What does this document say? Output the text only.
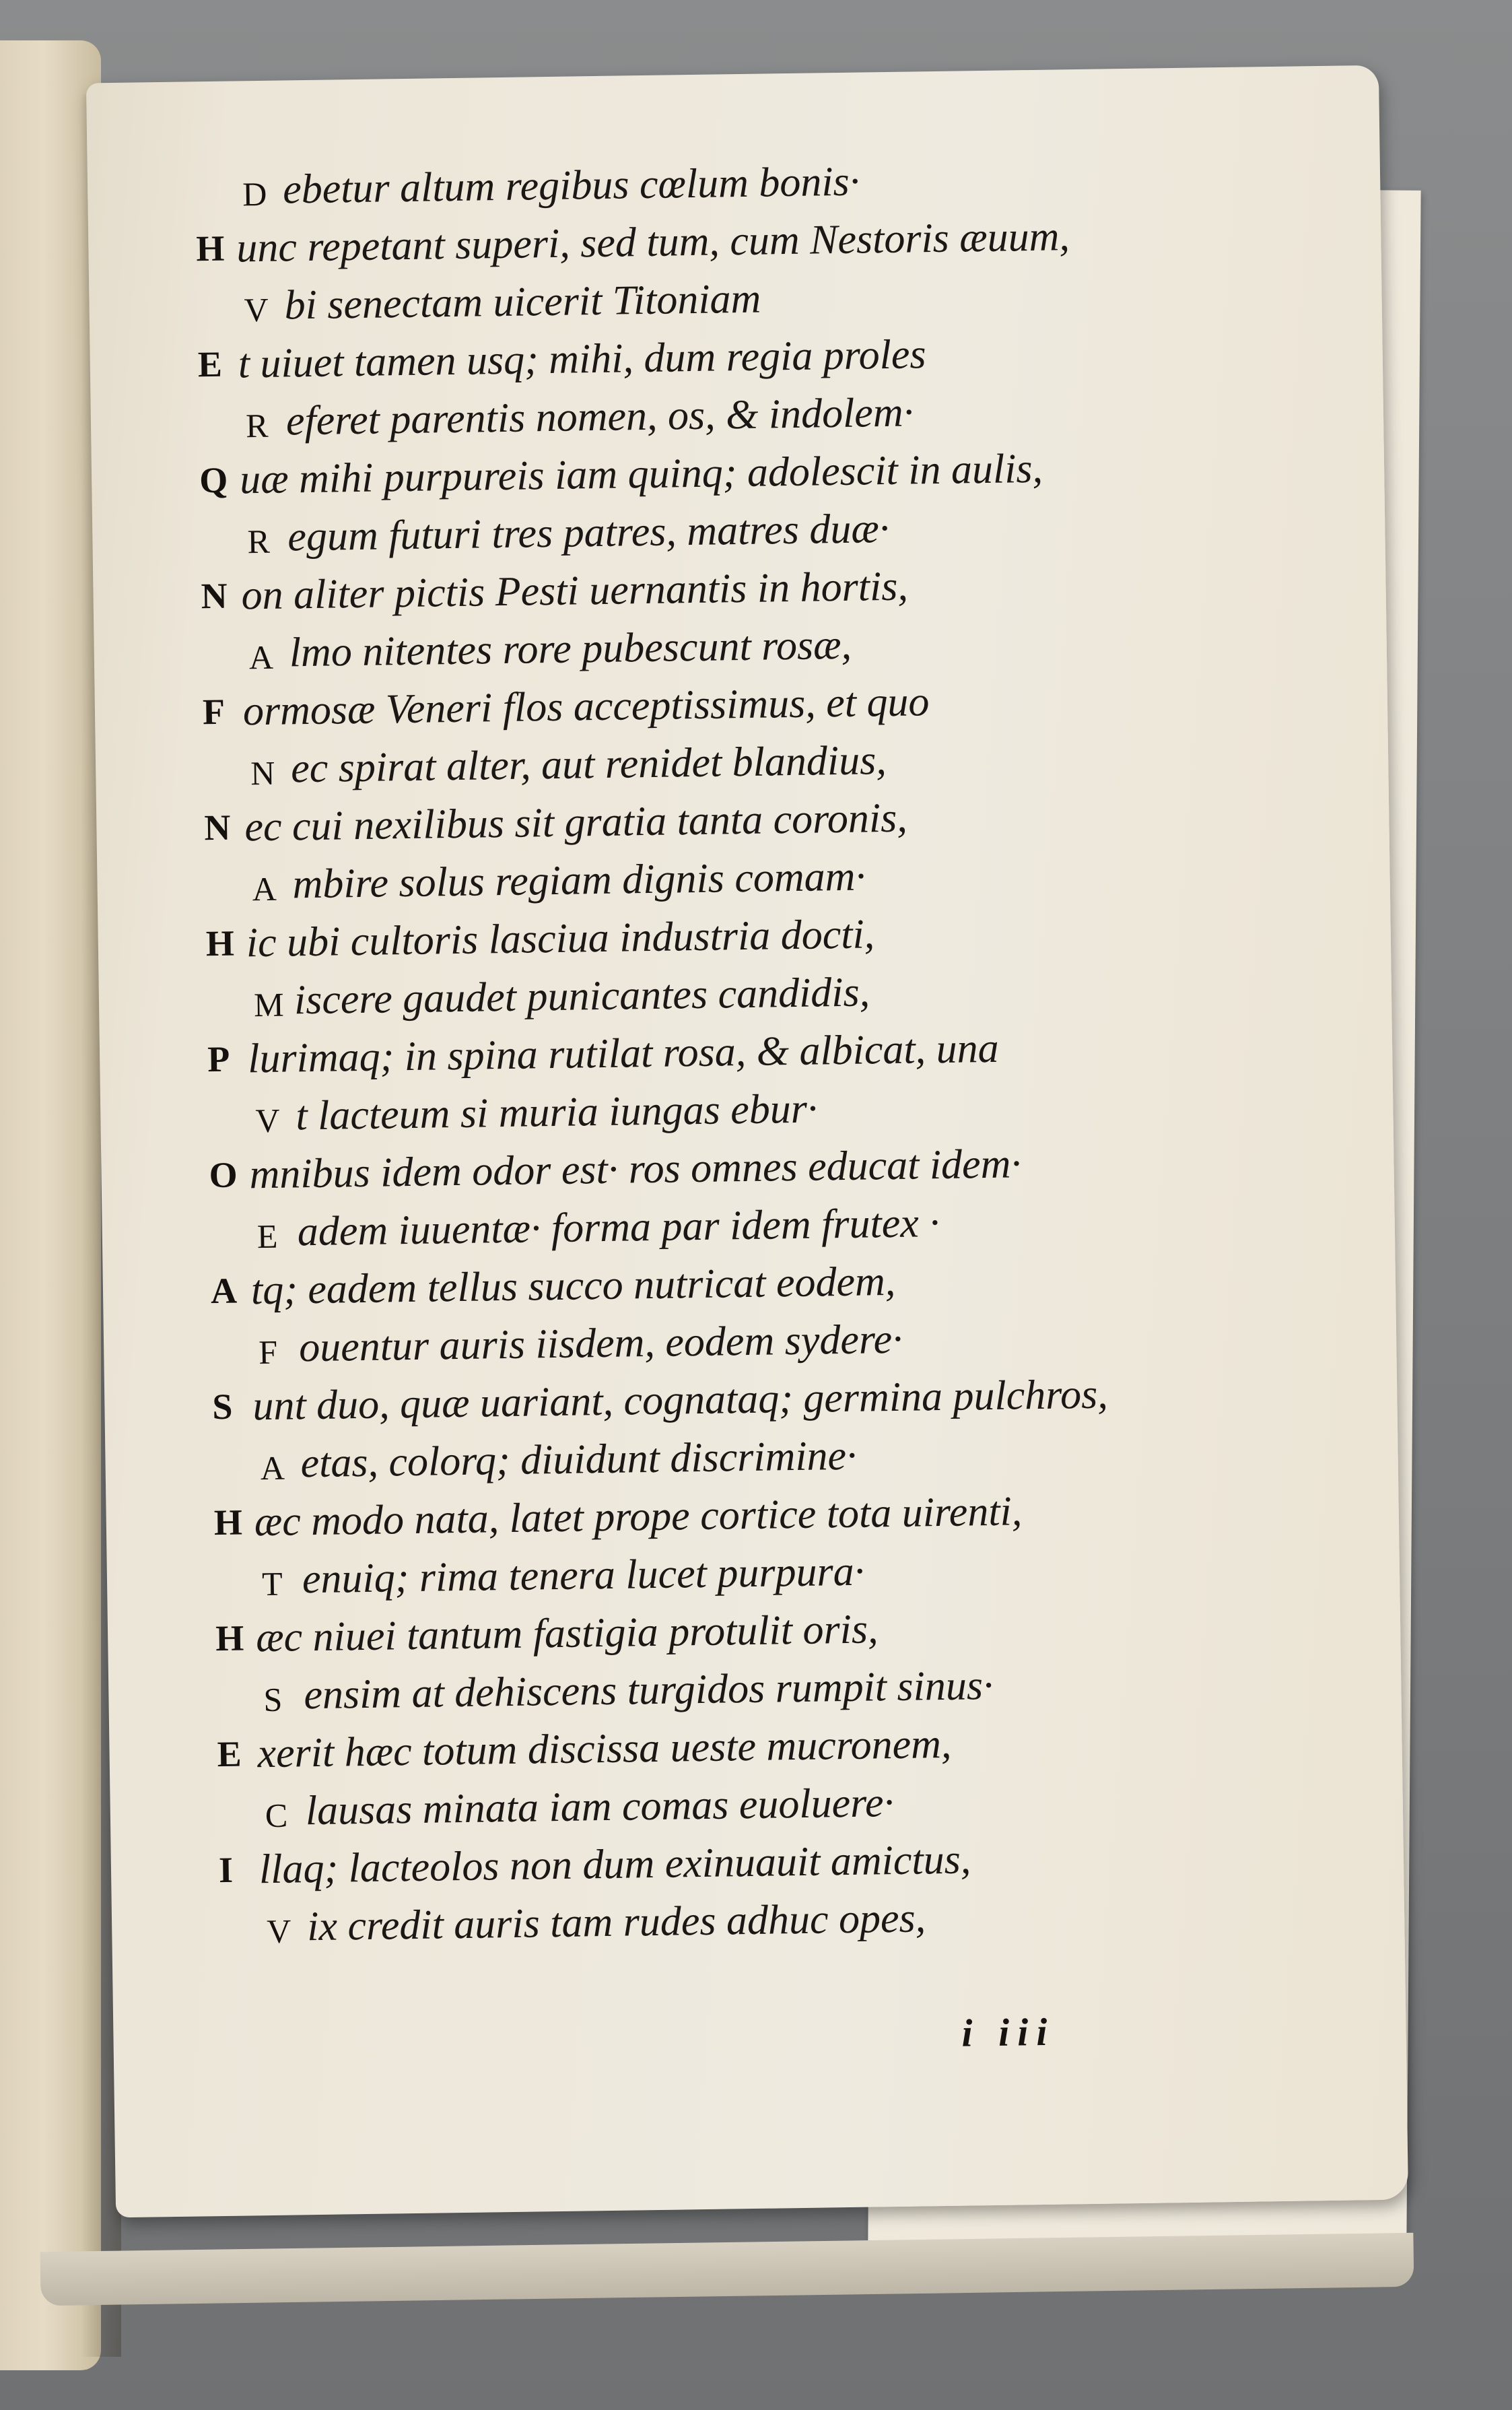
D ebetur altum regibus cœlum bonis·
H unc repetant superi, sed tum, cum Nestoris æuum,
V bi senectam uicerit Titoniam
E t uiuet tamen usq; mihi, dum regia proles
R eferet parentis nomen, os, & indolem·
Q uæ mihi purpureis iam quinq; adolescit in aulis,
R egum futuri tres patres, matres duæ·
N on aliter pictis Pesti uernantis in hortis,
A lmo nitentes rore pubescunt rosæ,
F ormosæ Veneri flos acceptissimus, et quo
N ec spirat alter, aut renidet blandius,
N ec cui nexilibus sit gratia tanta coronis,
A mbire solus regiam dignis comam·
H ic ubi cultoris lasciua industria docti,
M iscere gaudet punicantes candidis,
P lurimaq; in spina rutilat rosa, & albicat, una
V t lacteum si muria iungas ebur·
O mnibus idem odor est· ros omnes educat idem·
E adem iuuentæ· forma par idem frutex ·
A tq; eadem tellus succo nutricat eodem,
F ouentur auris iisdem, eodem sydere·
S unt duo, quæ uariant, cognataq; germina pulchros,
A etas, colorq; diuidunt discrimine·
H æc modo nata, latet prope cortice tota uirenti,
T enuiq; rima tenera lucet purpura·
H æc niuei tantum fastigia protulit oris,
S ensim at dehiscens turgidos rumpit sinus·
E xerit hæc totum discissa ueste mucronem,
C lausas minata iam comas euoluere·
I llaq; lacteolos non dum exinuauit amictus,
V ix credit auris tam rudes adhuc opes,
i iii
